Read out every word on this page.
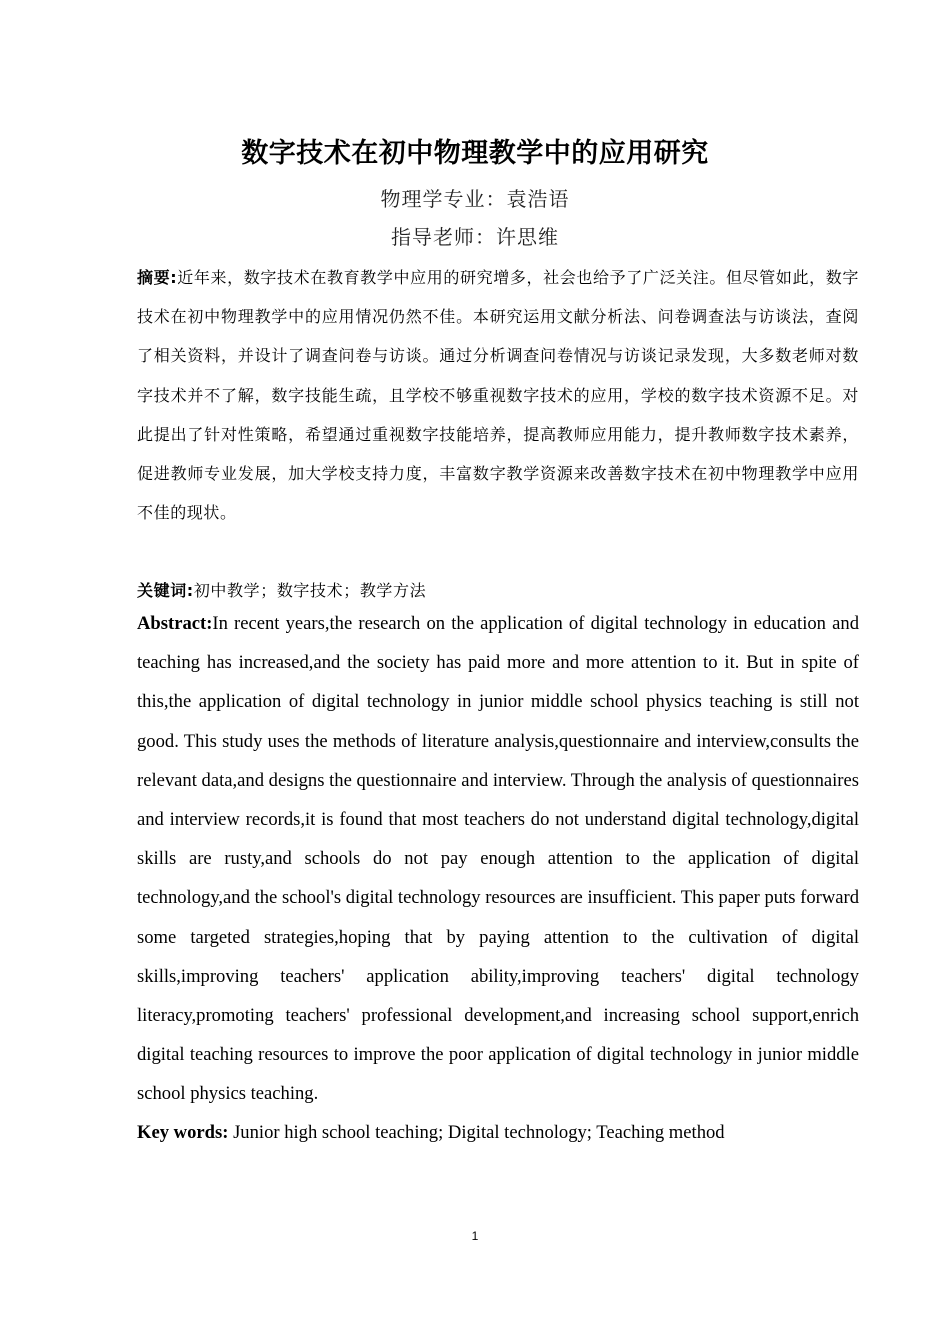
数字技术在初中物理教学中的应用研究
物理学专业：袁浩语
指导老师：许思维
摘要:近年来，数字技术在教育教学中应用的研究增多，社会也给予了广泛关注。但尽管如此，数字技术在初中物理教学中的应用情况仍然不佳。本研究运用文献分析法、问卷调查法与访谈法，查阅了相关资料，并设计了调查问卷与访谈。通过分析调查问卷情况与访谈记录发现，大多数老师对数字技术并不了解，数字技能生疏，且学校不够重视数字技术的应用，学校的数字技术资源不足。对此提出了针对性策略，希望通过重视数字技能培养，提高教师应用能力，提升教师数字技术素养，促进教师专业发展，加大学校支持力度，丰富数字教学资源来改善数字技术在初中物理教学中应用不佳的现状。
关键词:初中教学；数字技术；教学方法
Abstract:In recent years,the research on the application of digital technology in education and teaching has increased,and the society has paid more and more attention to it. But in spite of this,the application of digital technology in junior middle school physics teaching is still not good. This study uses the methods of literature analysis,questionnaire and interview,consults the relevant data,and designs the questionnaire and interview. Through the analysis of questionnaires and interview records,it is found that most teachers do not understand digital technology,digital skills are rusty,and schools do not pay enough attention to the application of digital technology,and the school's digital technology resources are insufficient. This paper puts forward some targeted strategies,hoping that by paying attention to the cultivation of digital skills,improving teachers' application ability,improving teachers' digital technology literacy,promoting teachers' professional development,and increasing school support,enrich digital teaching resources to improve the poor application of digital technology in junior middle school physics teaching.
Key words: Junior high school teaching; Digital technology; Teaching method
1
